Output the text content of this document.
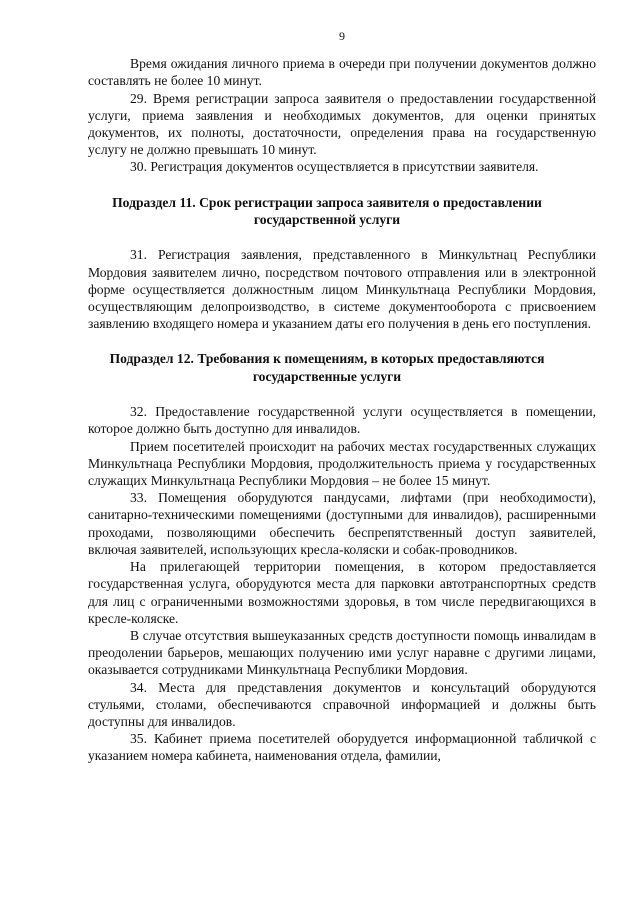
9
Время ожидания личного приема в очереди при получении документов должно составлять не более 10 минут.
29. Время регистрации запроса заявителя о предоставлении государственной услуги, приема заявления и необходимых документов, для оценки принятых документов, их полноты, достаточности, определения права на государственную услугу не должно превышать 10 минут.
30. Регистрация документов осуществляется в присутствии заявителя.
Подраздел 11. Срок регистрации запроса заявителя о предоставлении государственной услуги
31. Регистрация заявления, представленного в Минкультнац Республики Мордовия заявителем лично, посредством почтового отправления или в электронной форме осуществляется должностным лицом Минкультнаца Республики Мордовия, осуществляющим делопроизводство, в системе документооборота с присвоением заявлению входящего номера и указанием даты его получения в день его поступления.
Подраздел 12. Требования к помещениям, в которых предоставляются государственные услуги
32. Предоставление государственной услуги осуществляется в помещении, которое должно быть доступно для инвалидов.
Прием посетителей происходит на рабочих местах государственных служащих Минкультнаца Республики Мордовия, продолжительность приема у государственных служащих Минкультнаца Республики Мордовия – не более 15 минут.
33. Помещения оборудуются пандусами, лифтами (при необходимости), санитарно-техническими помещениями (доступными для инвалидов), расширенными проходами, позволяющими обеспечить беспрепятственный доступ заявителей, включая заявителей, использующих кресла-коляски и собак-проводников.
На прилегающей территории помещения, в котором предоставляется государственная услуга, оборудуются места для парковки автотранспортных средств для лиц с ограниченными возможностями здоровья, в том числе передвигающихся в кресле-коляске.
В случае отсутствия вышеуказанных средств доступности помощь инвалидам в преодолении барьеров, мешающих получению ими услуг наравне с другими лицами, оказывается сотрудниками Минкультнаца Республики Мордовия.
34. Места для представления документов и консультаций оборудуются стульями, столами, обеспечиваются справочной информацией и должны быть доступны для инвалидов.
35. Кабинет приема посетителей оборудуется информационной табличкой с указанием номера кабинета, наименования отдела, фамилии,
